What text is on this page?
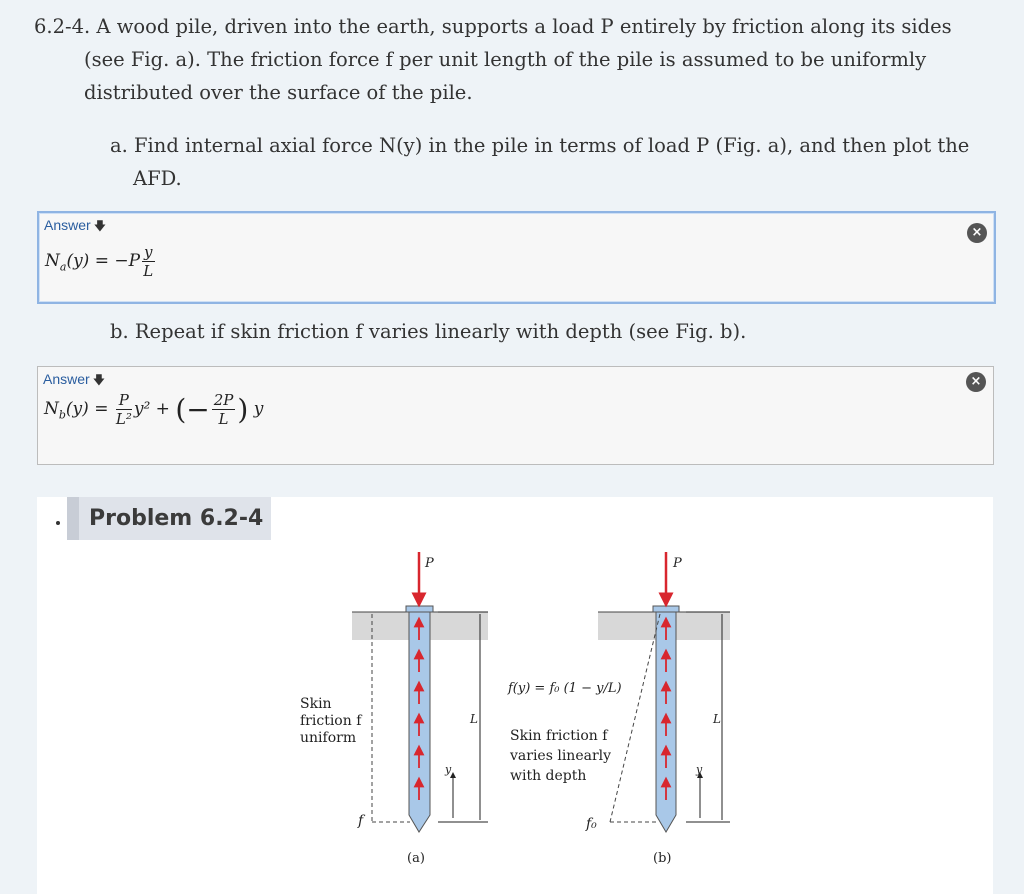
6.2-4. A wood pile, driven into the earth, supports a load P entirely by friction along its sides
(see Fig. a). The friction force f per unit length of the pile is assumed to be uniformly
distributed over the surface of the pile.
a. Find internal axial force N(y) in the pile in terms of load P (Fig. a), and then plot the
AFD.
Answer 🡇	×
$N_a(y) = -P \frac{y}{L}$
b. Repeat if skin friction f varies linearly with depth (see Fig. b).
Answer 🡇	×
$N_b(y) = \frac{P}{\text{L²}} y^2$ + (− $\frac{2P}{L}$ ) y
Problem 6.2-4
P
L
y
Skin
friction f
uniform
f
(a)
P
L
y
f(y) = f₀ (1 − y/L)
Skin friction f
varies linearly
with depth
f₀
(b)
